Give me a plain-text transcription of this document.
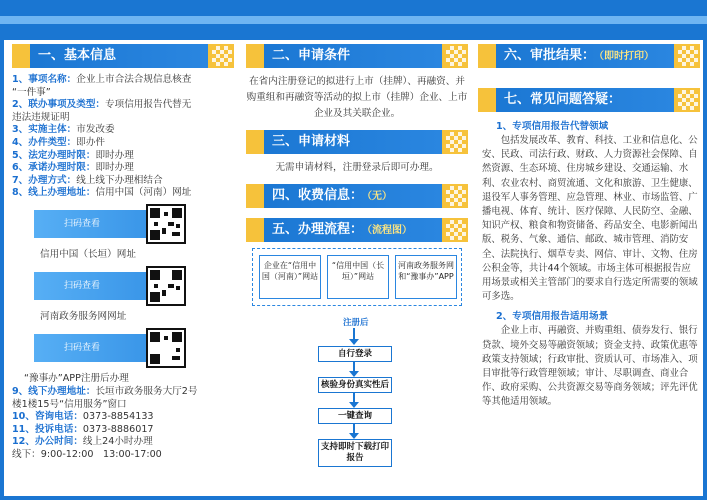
一、基本信息
1、事项名称：企业上市合法合规信息核查
“一件事”
2、联办事项及类型：专项信用报告代替无
违法违规证明
3、实施主体：市发改委
4、办件类型：即办件
5、法定办理时限：即时办理
6、承诺办理时限：即时办理
7、办理方式：线上线下办理相结合
8、线上办理地址：信用中国（河南）网址
扫码查看
信用中国（长垣）网址
扫码查看
河南政务服务网网址
扫码查看
“豫事办”APP注册后办理
9、线下办理地址：长垣市政务服务大厅2号
楼1楼15号“信用服务”窗口
10、咨询电话：0373-8854133
11、投诉电话：0373-8886017
12、办公时间：线上24小时办理
线下：9:00-12:00　13:00-17:00
二、申请条件
在省内注册登记的拟进行上市（挂牌）、再融资、并购重组和再融资等活动的拟上市（挂牌）企业、上市企业及其关联企业。
三、申请材料
无需申请材料，注册登录后即可办理。
四、收费信息： （无）
五、办理流程： （流程图）
企业在“信用中国（河南）”网站
“信用中国（长垣）”网站
河南政务服务网和“豫事办”APP
注册后
自行登录
核验身份真实性后
一键查询
支持即时下载打印报告
六、审批结果： （即时打印）
七、常见问题答疑：
1、专项信用报告代替领域
包括发展改革、教育、科技、工业和信息化、公安、民政、司法行政、财政、人力资源社会保障、自然资源、生态环境、住房城乡建设、交通运输、水利、农业农村、商贸流通、文化和旅游、卫生健康、退役军人事务管理、应急管理、林业、市场监管、广播电视、体育、统计、医疗保障、人民防空、金融、知识产权、粮食和物资储备、药品安全、电影新闻出版、税务、气象、通信、邮政、城市管理、消防安全、法院执行、烟草专卖、网信、审计、文物、住房公积金等，共计44个领域。市场主体可根据报告应用场景或相关主管部门的要求自行选定所需要的领域可多选。
2、专项信用报告适用场景
企业上市、再融资、并购重组、债券发行、银行贷款、境外交易等融资领域；资金支持、政策优惠等政策支持领域；行政审批、资质认可、市场准入、项目审批等行政管理领域；审计、尽职调查、商业合作、政府采购、公共资源交易等商务领域；评先评优等其他适用领域。
